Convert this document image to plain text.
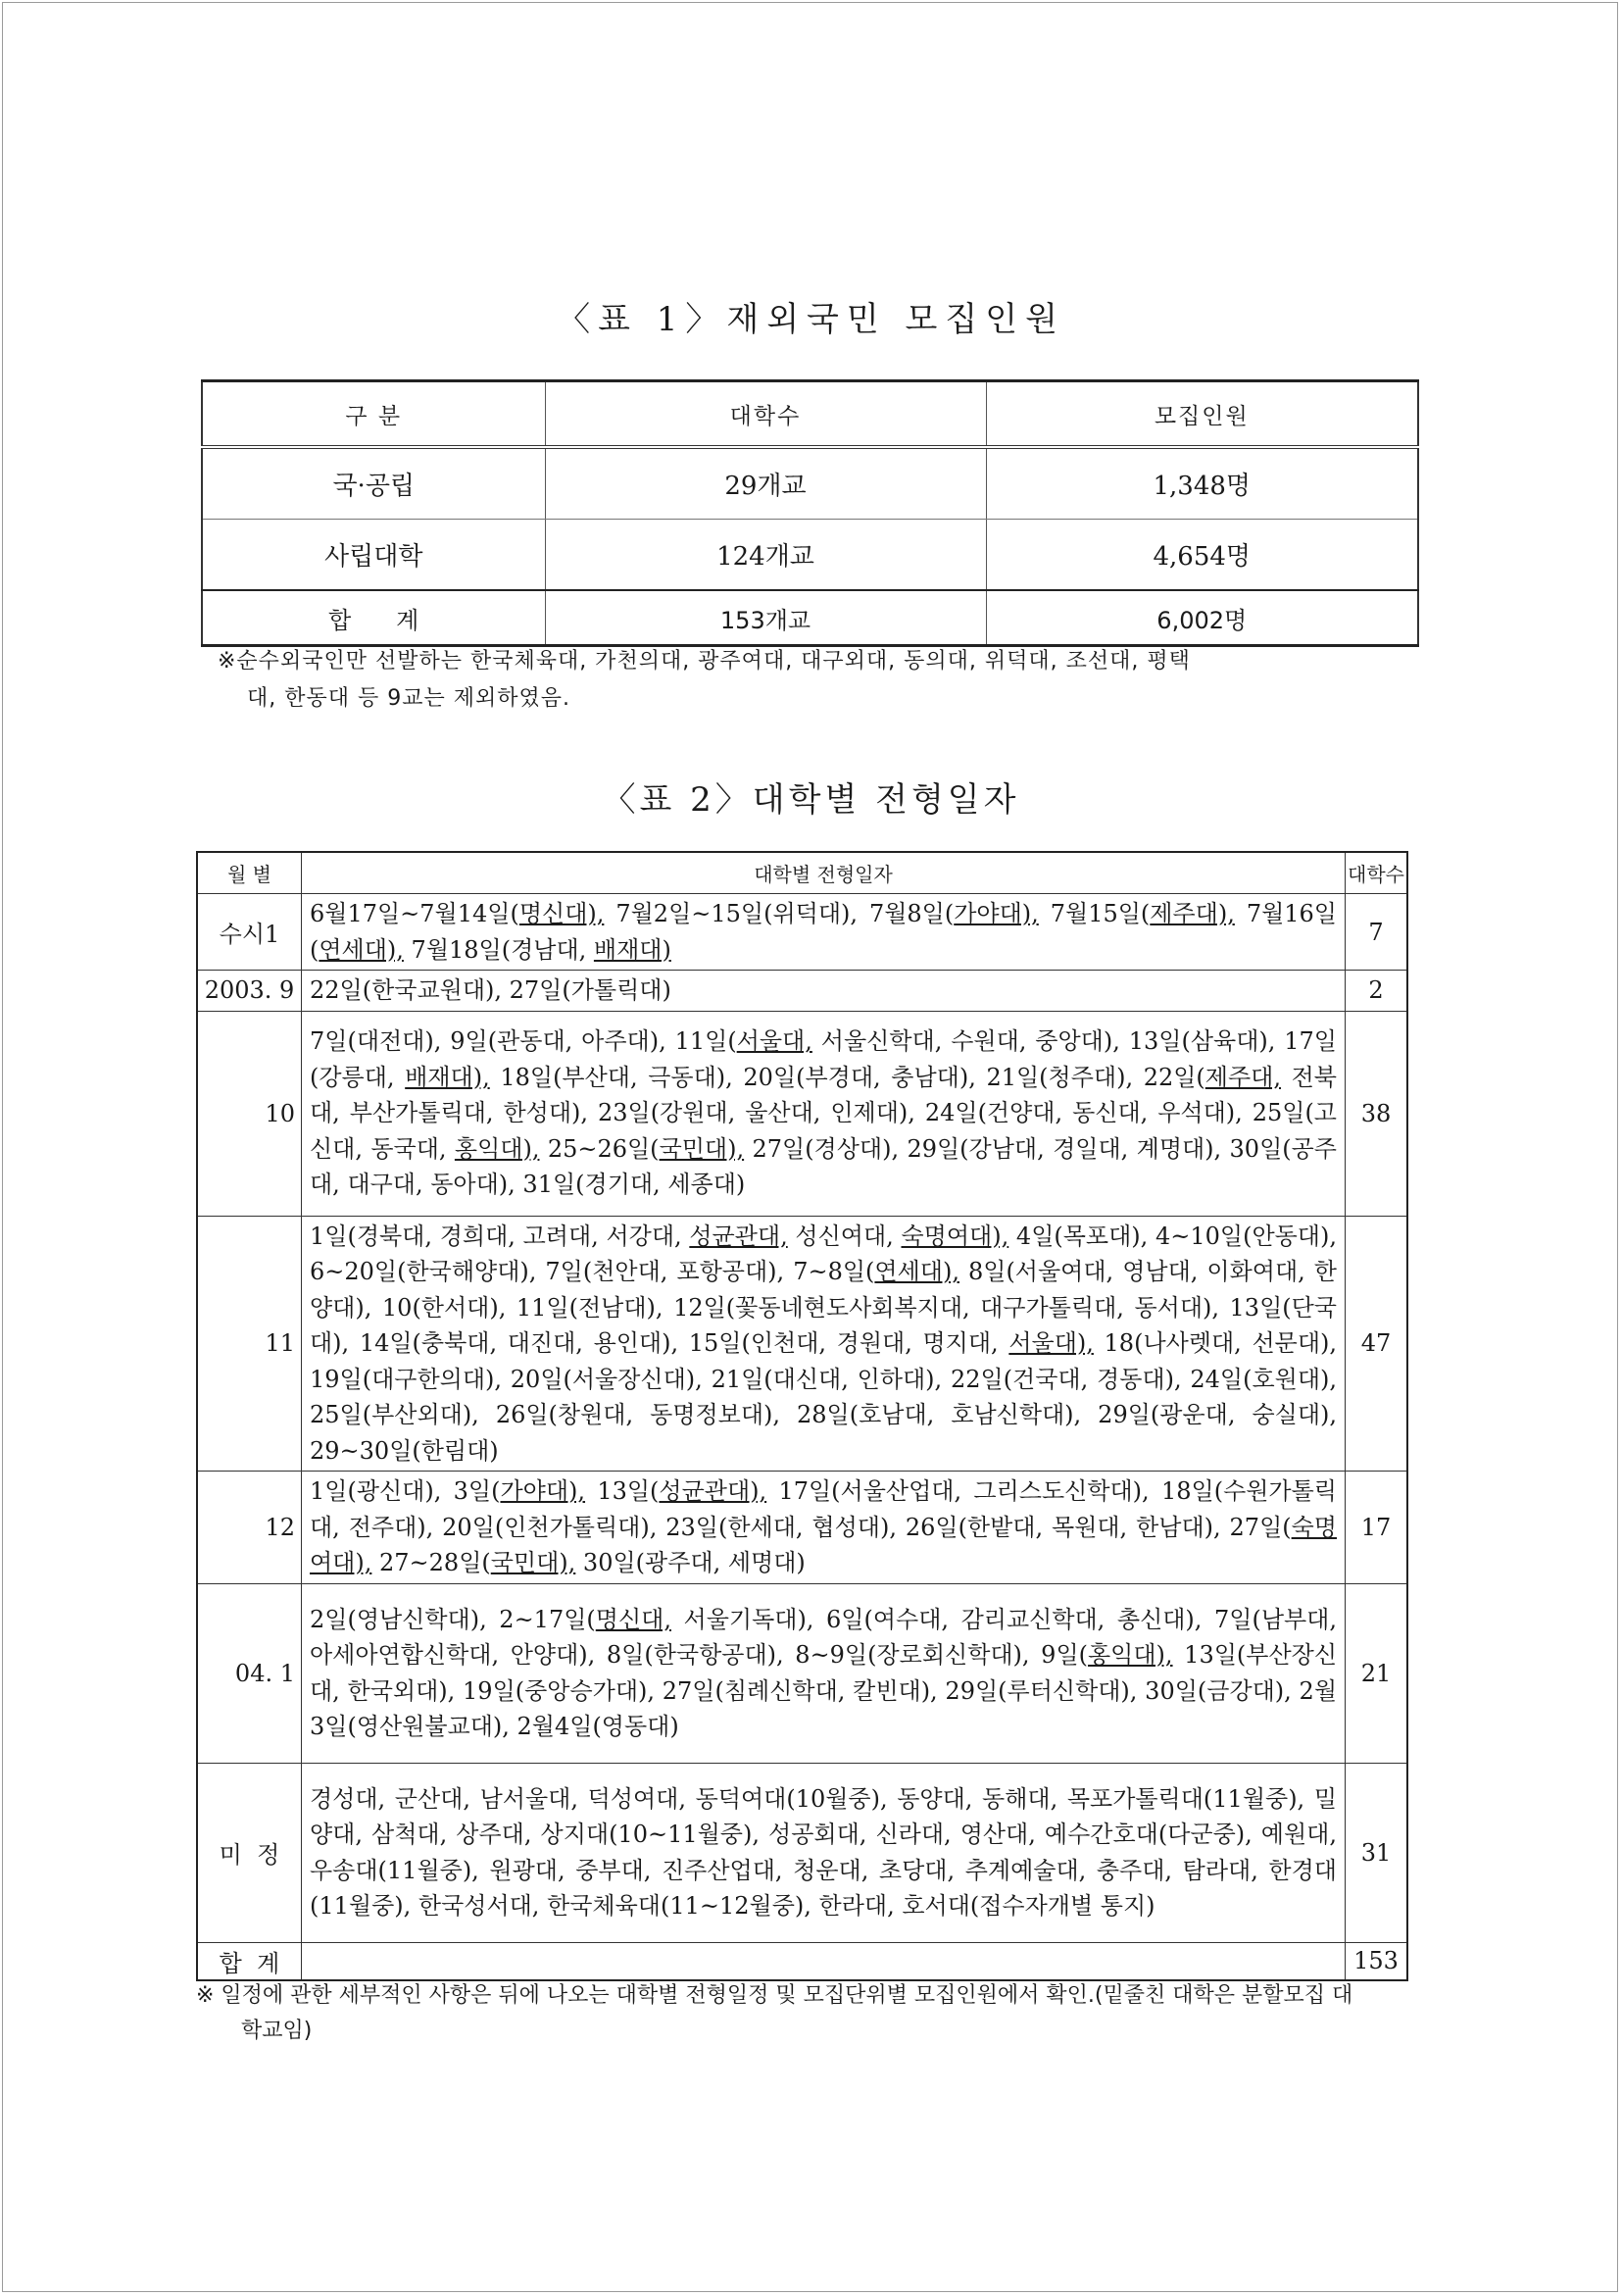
〈표 1〉재외국민 모집인원
구 분	대학수	모집인원
국·공립	29개교	1,348명
사립대학	124개교	4,654명
합      계	153개교	6,002명
※순수외국인만 선발하는 한국체육대, 가천의대, 광주여대, 대구외대, 동의대, 위덕대, 조선대, 평택
대, 한동대 등 9교는 제외하였음.
〈표 2〉대학별 전형일자
월 별	대학별 전형일자	대학수
수시1	6월17일~7월14일(명신대), 7월2일~15일(위덕대), 7월8일(가야대), 7월15일(제주대), 7월16일(연세대), 7월18일(경남대, 배재대)	7
2003. 9	22일(한국교원대), 27일(가톨릭대)	2
10	7일(대전대), 9일(관동대, 아주대), 11일(서울대, 서울신학대, 수원대, 중앙대), 13일(삼육대), 17일(강릉대, 배재대), 18일(부산대, 극동대), 20일(부경대, 충남대), 21일(청주대), 22일(제주대, 전북대, 부산가톨릭대, 한성대), 23일(강원대, 울산대, 인제대), 24일(건양대, 동신대, 우석대), 25일(고신대, 동국대, 홍익대), 25~26일(국민대), 27일(경상대), 29일(강남대, 경일대, 계명대), 30일(공주대, 대구대, 동아대), 31일(경기대, 세종대)	38
11	1일(경북대, 경희대, 고려대, 서강대, 성균관대, 성신여대, 숙명여대), 4일(목포대), 4~10일(안동대), 6~20일(한국해양대), 7일(천안대, 포항공대), 7~8일(연세대), 8일(서울여대, 영남대, 이화여대, 한양대), 10(한서대), 11일(전남대), 12일(꽃동네현도사회복지대, 대구가톨릭대, 동서대), 13일(단국대), 14일(충북대, 대진대, 용인대), 15일(인천대, 경원대, 명지대, 서울대), 18(나사렛대, 선문대), 19일(대구한의대), 20일(서울장신대), 21일(대신대, 인하대), 22일(건국대, 경동대), 24일(호원대), 25일(부산외대), 26일(창원대, 동명정보대), 28일(호남대, 호남신학대), 29일(광운대, 숭실대), 29~30일(한림대)	47
12	1일(광신대), 3일(가야대), 13일(성균관대), 17일(서울산업대, 그리스도신학대), 18일(수원가톨릭대, 전주대), 20일(인천가톨릭대), 23일(한세대, 협성대), 26일(한밭대, 목원대, 한남대), 27일(숙명여대), 27~28일(국민대), 30일(광주대, 세명대)	17
04. 1	2일(영남신학대), 2~17일(명신대, 서울기독대), 6일(여수대, 감리교신학대, 총신대), 7일(남부대, 아세아연합신학대, 안양대), 8일(한국항공대), 8~9일(장로회신학대), 9일(홍익대), 13일(부산장신대, 한국외대), 19일(중앙승가대), 27일(침례신학대, 칼빈대), 29일(루터신학대), 30일(금강대), 2월3일(영산원불교대), 2월4일(영동대)	21
미  정	경성대, 군산대, 남서울대, 덕성여대, 동덕여대(10월중), 동양대, 동해대, 목포가톨릭대(11월중), 밀양대, 삼척대, 상주대, 상지대(10~11월중), 성공회대, 신라대, 영산대, 예수간호대(다군중), 예원대, 우송대(11월중), 원광대, 중부대, 진주산업대, 청운대, 초당대, 추계예술대, 충주대, 탐라대, 한경대(11월중), 한국성서대, 한국체육대(11~12월중), 한라대, 호서대(접수자개별 통지)	31
합  계		153
※ 일정에 관한 세부적인 사항은 뒤에 나오는 대학별 전형일정 및 모집단위별 모집인원에서 확인.(밑줄친 대학은 분할모집 대
학교임)
